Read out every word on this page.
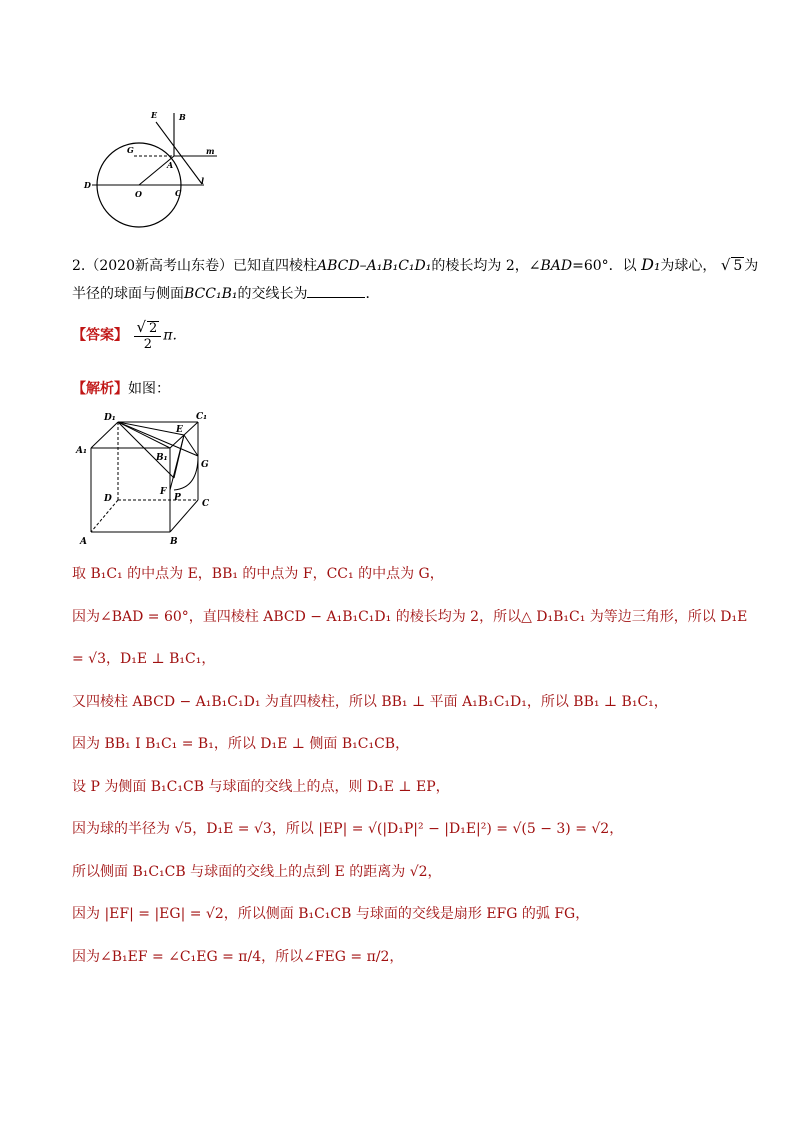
E	B
G
A
m
D
O	C
l
2.（2020新高考山东卷）已知直四棱柱ABCD–A₁B₁C₁D₁的棱长均为 2，∠BAD=60°．以 D₁为球心， √ 5 为
半径的球面与侧面BCC₁B₁的交线长为	．
【答案】 $\frac{√ 2}{2} \pi$.
【解析】如图：
D₁	C₁
E
A₁
B₁
G
D
F
P
C
A	B
取 B₁C₁ 的中点为 E，BB₁ 的中点为 F，CC₁ 的中点为 G，
因为∠BAD = 60°，直四棱柱 ABCD − A₁B₁C₁D₁ 的棱长均为 2，所以△ D₁B₁C₁ 为等边三角形，所以 D₁E
= √3，D₁E ⊥ B₁C₁，
又四棱柱 ABCD − A₁B₁C₁D₁ 为直四棱柱，所以 BB₁ ⊥ 平面 A₁B₁C₁D₁，所以 BB₁ ⊥ B₁C₁，
因为 BB₁ I B₁C₁ = B₁，所以 D₁E ⊥ 侧面 B₁C₁CB，
设 P 为侧面 B₁C₁CB 与球面的交线上的点，则 D₁E ⊥ EP，
因为球的半径为 √5，D₁E = √3，所以 |EP| = √(|D₁P|² − |D₁E|²) = √(5 − 3) = √2，
所以侧面 B₁C₁CB 与球面的交线上的点到 E 的距离为 √2，
因为 |EF| = |EG| = √2，所以侧面 B₁C₁CB 与球面的交线是扇形 EFG 的弧 FG，
因为∠B₁EF = ∠C₁EG = π/4，所以∠FEG = π/2，
